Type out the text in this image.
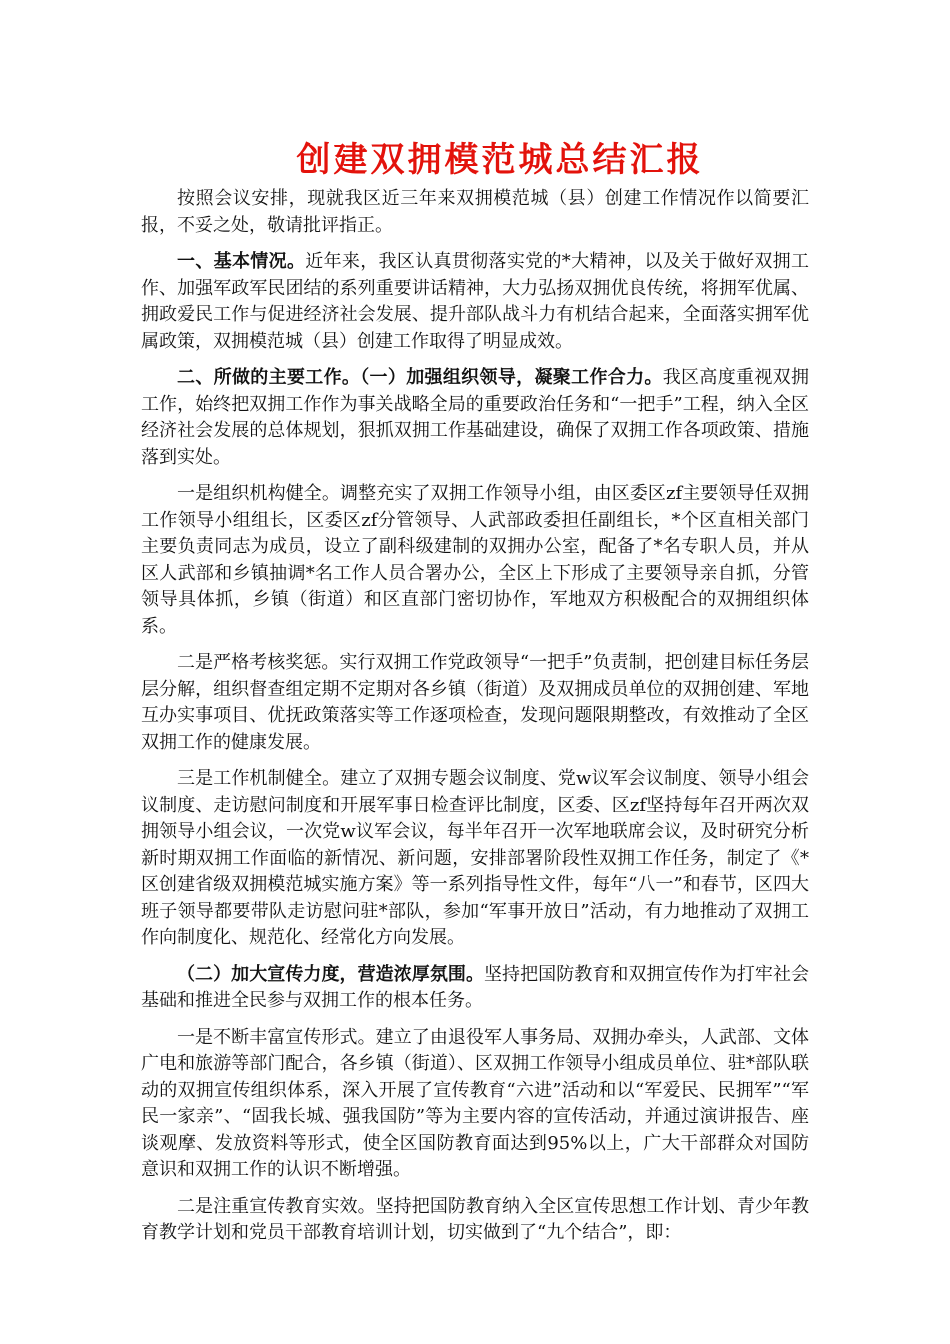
创建双拥模范城总结汇报

按照会议安排，现就我区近三年来双拥模范城（县）创建工作情况作以简要汇报，不妥之处，敬请批评指正。

一、基本情况。近年来，我区认真贯彻落实党的*大精神，以及关于做好双拥工作、加强军政军民团结的系列重要讲话精神，大力弘扬双拥优良传统，将拥军优属、拥政爱民工作与促进经济社会发展、提升部队战斗力有机结合起来，全面落实拥军优属政策，双拥模范城（县）创建工作取得了明显成效。

二、所做的主要工作。（一）加强组织领导，凝聚工作合力。我区高度重视双拥工作，始终把双拥工作作为事关战略全局的重要政治任务和“一把手”工程，纳入全区经济社会发展的总体规划，狠抓双拥工作基础建设，确保了双拥工作各项政策、措施落到实处。

一是组织机构健全。调整充实了双拥工作领导小组，由区委区zf主要领导任双拥工作领导小组组长，区委区zf分管领导、人武部政委担任副组长，*个区直相关部门主要负责同志为成员，设立了副科级建制的双拥办公室，配备了*名专职人员，并从区人武部和乡镇抽调*名工作人员合署办公，全区上下形成了主要领导亲自抓，分管领导具体抓，乡镇（街道）和区直部门密切协作，军地双方积极配合的双拥组织体系。

二是严格考核奖惩。实行双拥工作党政领导“一把手”负责制，把创建目标任务层层分解，组织督查组定期不定期对各乡镇（街道）及双拥成员单位的双拥创建、军地互办实事项目、优抚政策落实等工作逐项检查，发现问题限期整改，有效推动了全区双拥工作的健康发展。

三是工作机制健全。建立了双拥专题会议制度、党w议军会议制度、领导小组会议制度、走访慰问制度和开展军事日检查评比制度，区委、区zf坚持每年召开两次双拥领导小组会议，一次党w议军会议，每半年召开一次军地联席会议，及时研究分析新时期双拥工作面临的新情况、新问题，安排部署阶段性双拥工作任务，制定了《*区创建省级双拥模范城实施方案》等一系列指导性文件，每年“八一”和春节，区四大班子领导都要带队走访慰问驻*部队，参加“军事开放日”活动，有力地推动了双拥工作向制度化、规范化、经常化方向发展。

（二）加大宣传力度，营造浓厚氛围。坚持把国防教育和双拥宣传作为打牢社会基础和推进全民参与双拥工作的根本任务。

一是不断丰富宣传形式。建立了由退役军人事务局、双拥办牵头，人武部、文体广电和旅游等部门配合，各乡镇（街道）、区双拥工作领导小组成员单位、驻*部队联动的双拥宣传组织体系，深入开展了宣传教育“六进”活动和以“军爱民、民拥军”“军民一家亲”、“固我长城、强我国防”等为主要内容的宣传活动，并通过演讲报告、座谈观摩、发放资料等形式，使全区国防教育面达到95%以上，广大干部群众对国防意识和双拥工作的认识不断增强。

二是注重宣传教育实效。坚持把国防教育纳入全区宣传思想工作计划、青少年教育教学计划和党员干部教育培训计划，切实做到了“九个结合”，即：
